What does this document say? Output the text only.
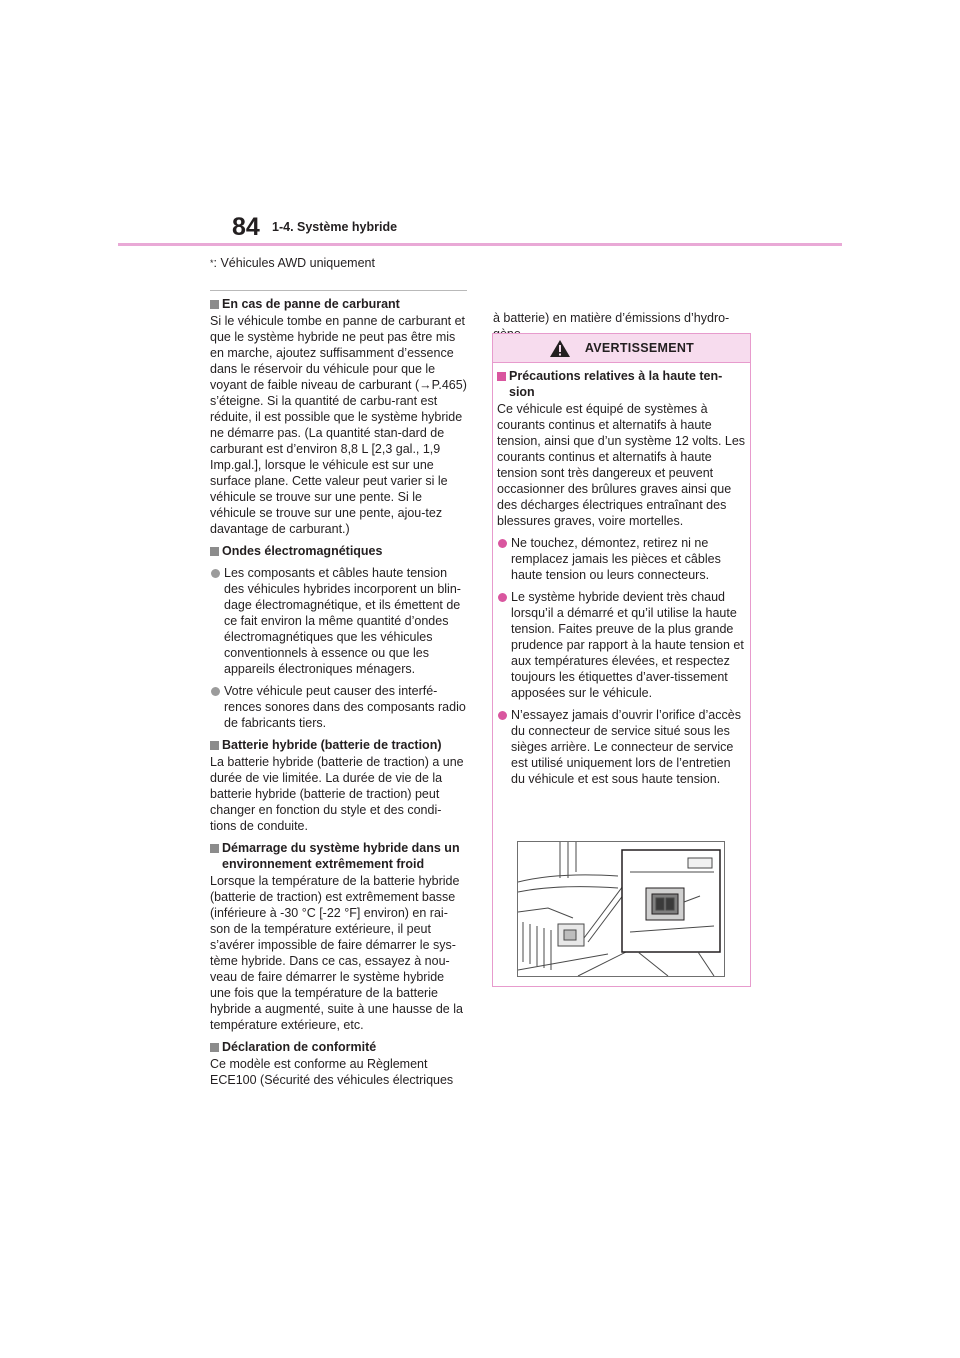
84 1-4. Système hybride
*: Véhicules AWD uniquement
En cas de panne de carburant
Si le véhicule tombe en panne de carburant et que le système hybride ne peut pas être mis en marche, ajoutez suffisamment d’essence dans le réservoir du véhicule pour que le voyant de faible niveau de carburant (→P.465) s’éteigne. Si la quantité de carbu-rant est réduite, il est possible que le système hybride ne démarre pas. (La quantité stan-dard de carburant est d’environ 8,8 L [2,3 gal., 1,9 Imp.gal.], lorsque le véhicule est sur une surface plane. Cette valeur peut varier si le véhicule se trouve sur une pente. Si le véhicule se trouve sur une pente, ajou-tez davantage de carburant.)
Ondes électromagnétiques
Les composants et câbles haute tension des véhicules hybrides incorporent un blin-dage électromagnétique, et ils émettent de ce fait environ la même quantité d’ondes électromagnétiques que les véhicules conventionnels à essence ou que les appareils électroniques ménagers.
Votre véhicule peut causer des interfé-rences sonores dans des composants radio de fabricants tiers.
Batterie hybride (batterie de traction)
La batterie hybride (batterie de traction) a une durée de vie limitée. La durée de vie de la batterie hybride (batterie de traction) peut changer en fonction du style et des condi-tions de conduite.
Démarrage du système hybride dans un environnement extrêmement froid
Lorsque la température de la batterie hybride (batterie de traction) est extrêmement basse (inférieure à -30 °C [-22 °F] environ) en rai-son de la température extérieure, il peut s’avérer impossible de faire démarrer le sys-tème hybride. Dans ce cas, essayez à nou-veau de faire démarrer le système hybride une fois que la température de la batterie hybride a augmenté, suite à une hausse de la température extérieure, etc.
Déclaration de conformité
Ce modèle est conforme au Règlement ECE100 (Sécurité des véhicules électriques
à batterie) en matière d’émissions d’hydro-
AVERTISSEMENT
Précautions relatives à la haute ten-sion
Ce véhicule est équipé de systèmes à courants continus et alternatifs à haute tension, ainsi que d’un système 12 volts. Les courants continus et alternatifs à haute tension sont très dangereux et peuvent occasionner des brûlures graves ainsi que des décharges électriques entraînant des blessures graves, voire mortelles.
Ne touchez, démontez, retirez ni ne remplacez jamais les pièces et câbles haute tension ou leurs connecteurs.
Le système hybride devient très chaud lorsqu’il a démarré et qu’il utilise la haute tension. Faites preuve de la plus grande prudence par rapport à la haute tension et aux températures élevées, et respectez toujours les étiquettes d’aver-tissement apposées sur le véhicule.
N’essayez jamais d’ouvrir l’orifice d’accès du connecteur de service situé sous les sièges arrière. Le connecteur de service est utilisé uniquement lors de l’entretien du véhicule et est sous haute tension.
